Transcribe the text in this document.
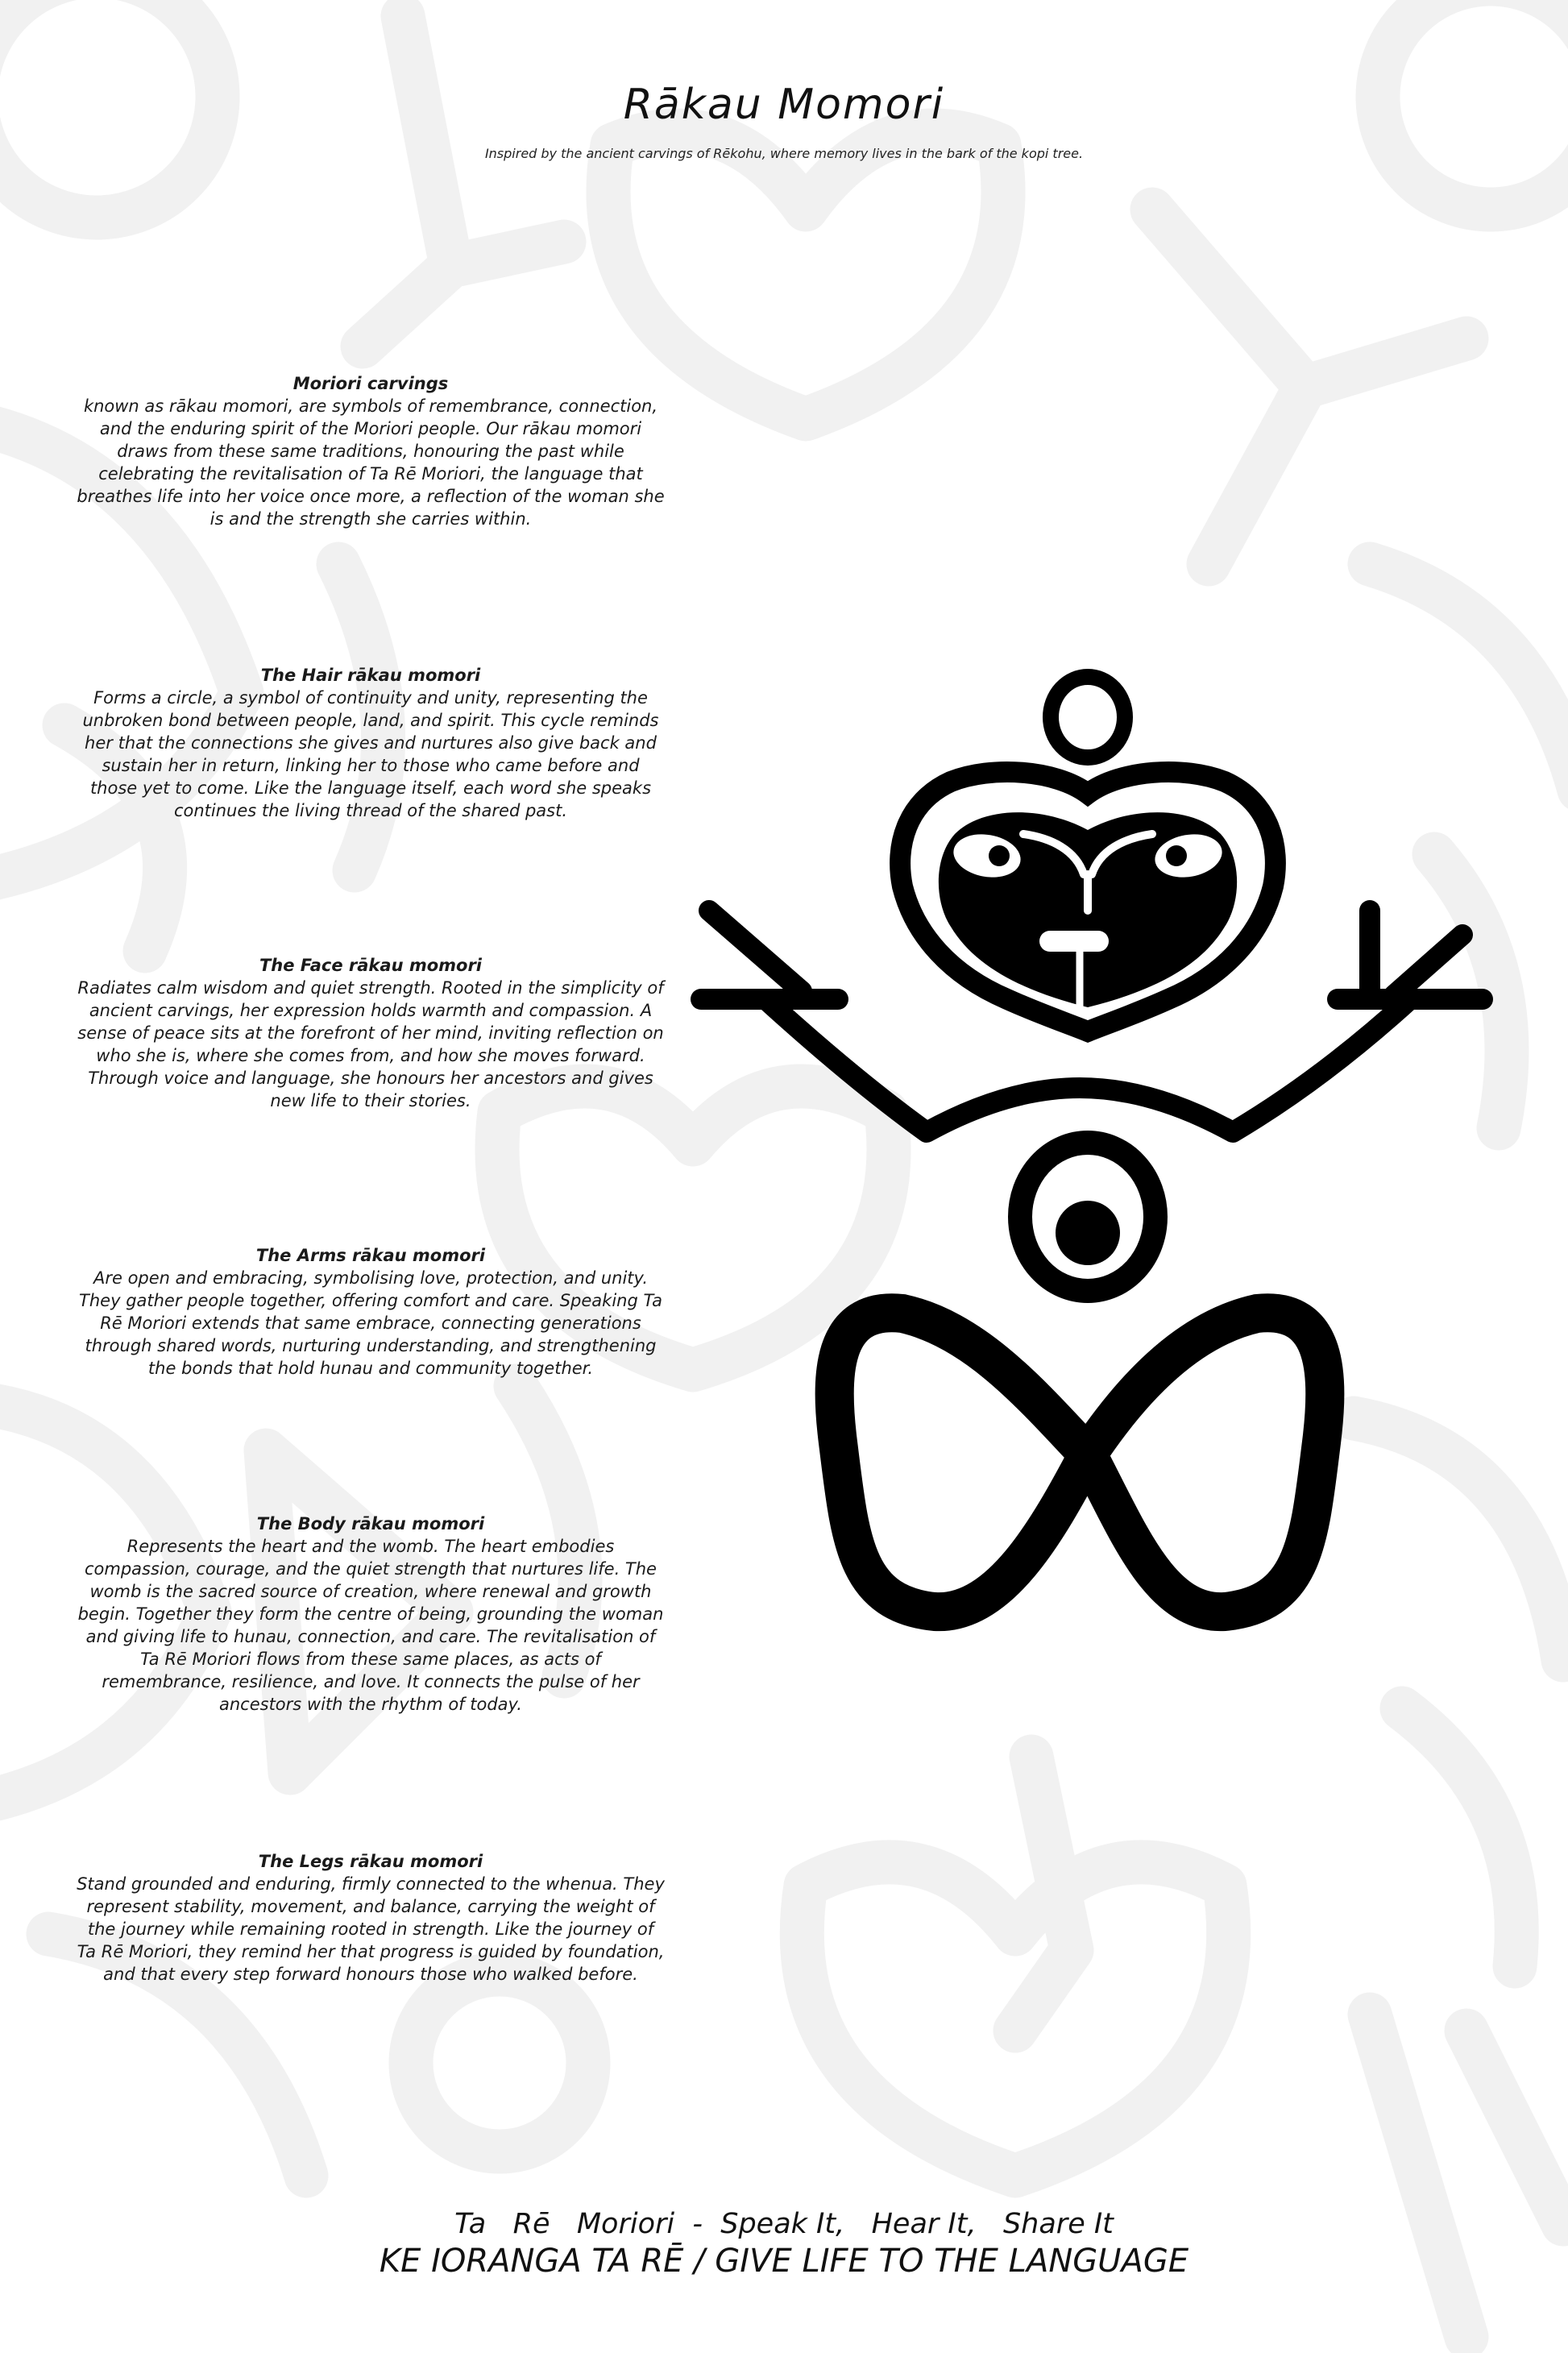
Rākau Momori
Inspired by the ancient carvings of Rēkohu, where memory lives in the bark of the kopi tree.
Moriori carvings
known as rākau momori, are symbols of remembrance, connection, and the enduring spirit of the Moriori people. Our rākau momori draws from these same traditions, honouring the past while celebrating the revitalisation of Ta Rē Moriori, the language that breathes life into her voice once more, a reflection of the woman she is and the strength she carries within.
The Hair rākau momori
Forms a circle, a symbol of continuity and unity, representing the unbroken bond between people, land, and spirit. This cycle reminds her that the connections she gives and nurtures also give back and sustain her in return, linking her to those who came before and those yet to come. Like the language itself, each word she speaks continues the living thread of the shared past.
The Face rākau momori
Radiates calm wisdom and quiet strength. Rooted in the simplicity of ancient carvings, her expression holds warmth and compassion. A sense of peace sits at the forefront of her mind, inviting reflection on who she is, where she comes from, and how she moves forward. Through voice and language, she honours her ancestors and gives new life to their stories.
The Arms rākau momori
Are open and embracing, symbolising love, protection, and unity. They gather people together, offering comfort and care. Speaking Ta Rē Moriori extends that same embrace, connecting generations through shared words, nurturing understanding, and strengthening the bonds that hold hunau and community together.
The Body rākau momori
Represents the heart and the womb. The heart embodies compassion, courage, and the quiet strength that nurtures life. The womb is the sacred source of creation, where renewal and growth begin. Together they form the centre of being, grounding the woman and giving life to hunau, connection, and care. The revitalisation of Ta Rē Moriori flows from these same places, as acts of remembrance, resilience, and love. It connects the pulse of her ancestors with the rhythm of today.
The Legs rākau momori
Stand grounded and enduring, firmly connected to the whenua. They represent stability, movement, and balance, carrying the weight of the journey while remaining rooted in strength. Like the journey of Ta Rē Moriori, they remind her that progress is guided by foundation, and that every step forward honours those who walked before.
Ta   Rē   Moriori  -  Speak It,   Hear It,   Share It
KE IORANGA TA RĒ / GIVE LIFE TO THE LANGUAGE
